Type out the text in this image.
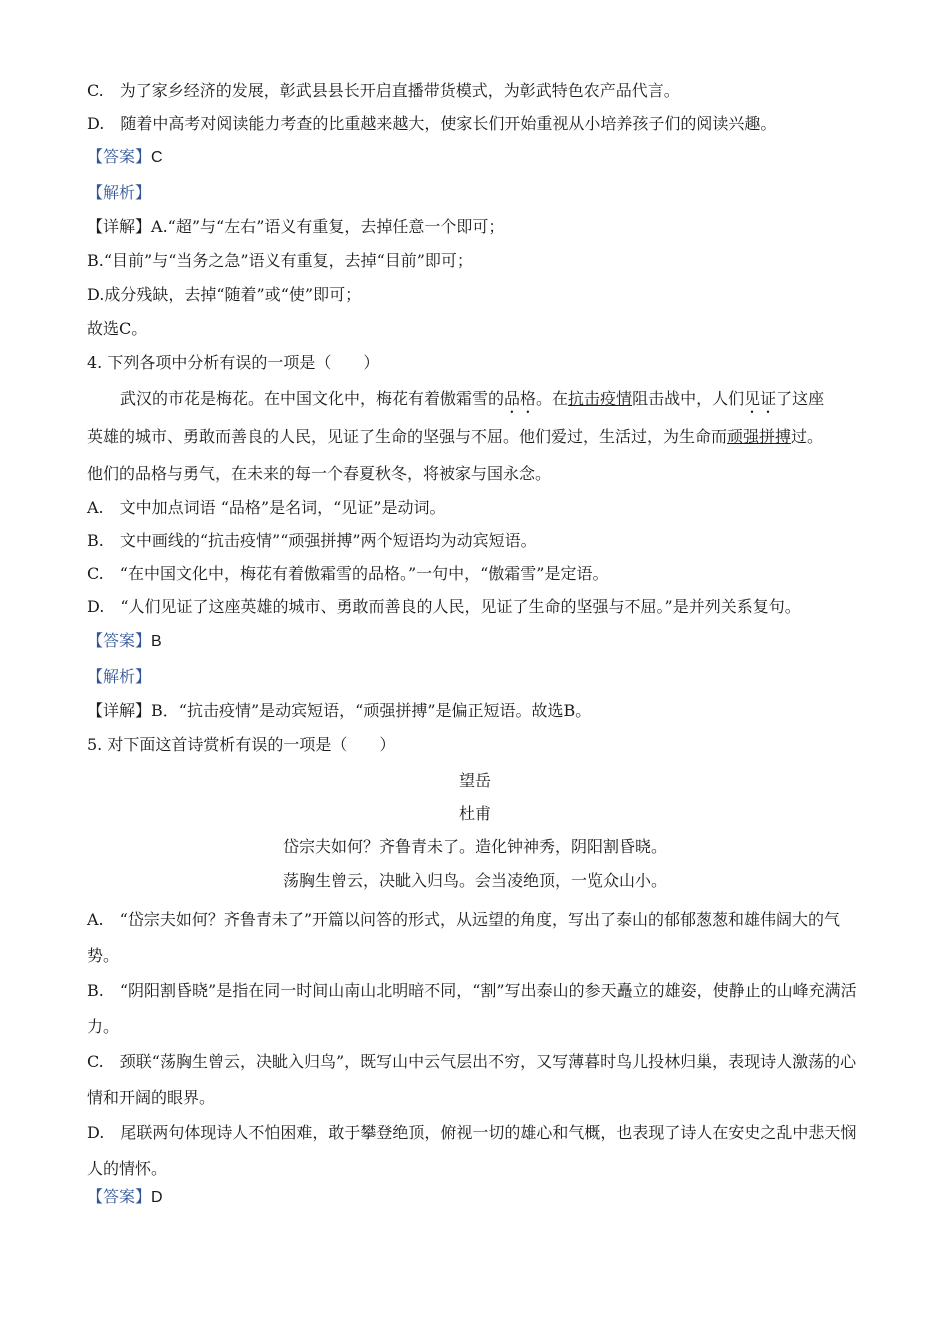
C.　为了家乡经济的发展，彰武县县长开启直播带货模式，为彰武特色农产品代言。
D.　随着中高考对阅读能力考查的比重越来越大，使家长们开始重视从小培养孩子们的阅读兴趣。
【答案】C
【解析】
【详解】A.“超”与“左右”语义有重复，去掉任意一个即可；
B.“目前”与“当务之急”语义有重复，去掉“目前”即可；
D.成分残缺，去掉“随着”或“使”即可；
故选C。
4. 下列各项中分析有误的一项是（　　）
武汉的市花是梅花。在中国文化中，梅花有着傲霜雪的品格。在抗击疫情阻击战中，人们见证了这座
英雄的城市、勇敢而善良的人民，见证了生命的坚强与不屈。他们爱过，生活过，为生命而顽强拼搏过。
他们的品格与勇气，在未来的每一个春夏秋冬，将被家与国永念。
A.　文中加点词语 “品格”是名词，“见证”是动词。
B.　文中画线的“抗击疫情”“顽强拼搏”两个短语均为动宾短语。
C.　“在中国文化中，梅花有着傲霜雪的品格。”一句中，“傲霜雪”是定语。
D.　“人们见证了这座英雄的城市、勇敢而善良的人民，见证了生命的坚强与不屈。”是并列关系复句。
【答案】B
【解析】
【详解】B．“抗击疫情”是动宾短语，“顽强拼搏”是偏正短语。故选B。
5. 对下面这首诗赏析有误的一项是（　　）
望岳
杜甫
岱宗夫如何？齐鲁青未了。造化钟神秀，阴阳割昏晓。
荡胸生曾云，决眦入归鸟。会当凌绝顶，一览众山小。
A.　“岱宗夫如何？齐鲁青未了”开篇以问答的形式，从远望的角度，写出了泰山的郁郁葱葱和雄伟阔大的气势。
B.　“阴阳割昏晓”是指在同一时间山南山北明暗不同，“割”写出泰山的参天矗立的雄姿，使静止的山峰充满活力。
C.　颈联“荡胸生曾云，决眦入归鸟”，既写山中云气层出不穷，又写薄暮时鸟儿投林归巢，表现诗人激荡的心情和开阔的眼界。
D.　尾联两句体现诗人不怕困难，敢于攀登绝顶，俯视一切的雄心和气概，也表现了诗人在安史之乱中悲天悯人的情怀。
【答案】D
